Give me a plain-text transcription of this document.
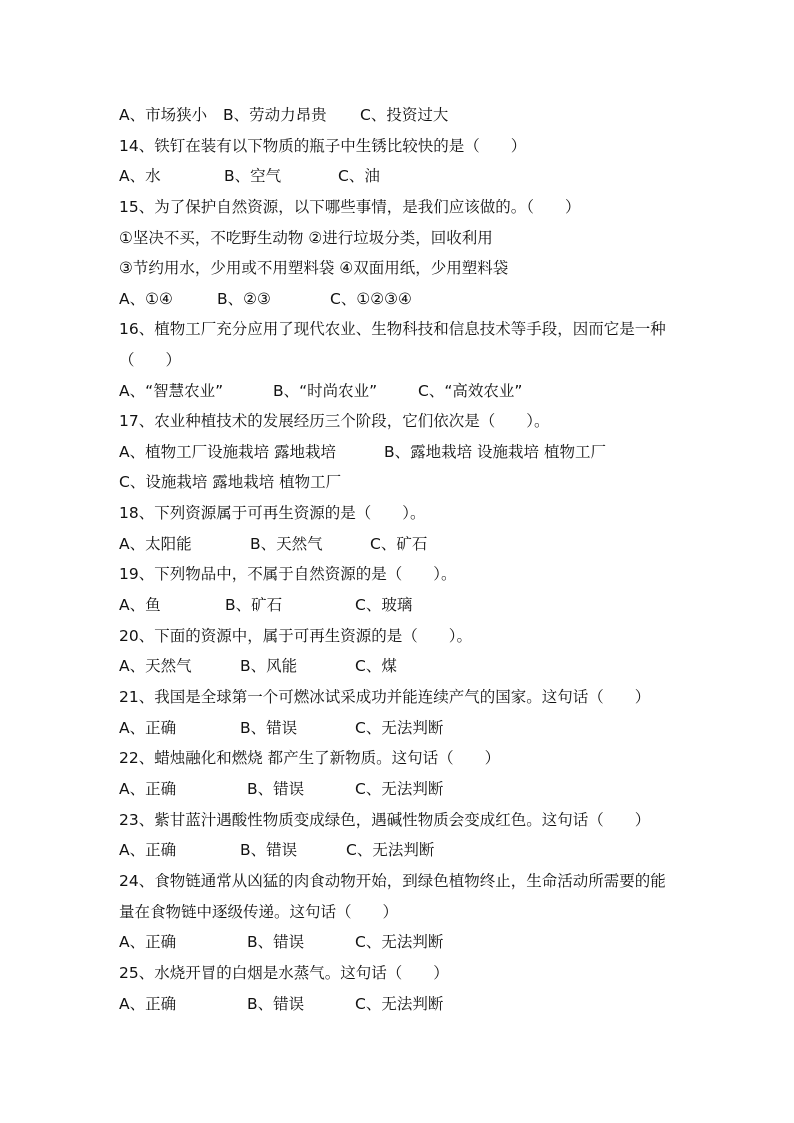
A、市场狭小 B、劳动力昂贵 C、投资过大
14、铁钉在装有以下物质的瓶子中生锈比较快的是（　　）
A、水	B、空气	C、油
15、为了保护自然资源，以下哪些事情，是我们应该做的。（　　）
①坚决不买，不吃野生动物 ②进行垃圾分类，回收利用
③节约用水，少用或不用塑料袋 ④双面用纸，少用塑料袋
A、①④	B、②③	C、①②③④
16、植物工厂充分应用了现代农业、生物科技和信息技术等手段，因而它是一种
（　　）
A、“智慧农业”	B、“时尚农业”	C、“高效农业”
17、农业种植技术的发展经历三个阶段，它们依次是（　　）。
A、植物工厂设施栽培 露地栽培	B、露地栽培 设施栽培 植物工厂
C、设施栽培 露地栽培 植物工厂
18、下列资源属于可再生资源的是（　　）。
A、太阳能	B、天然气	C、矿石
19、下列物品中，不属于自然资源的是（　　）。
A、鱼	B、矿石	C、玻璃
20、下面的资源中，属于可再生资源的是（　　）。
A、天然气	B、风能	C、煤
21、我国是全球第一个可燃冰试采成功并能连续产气的国家。这句话（　　）
A、正确	B、错误	C、无法判断
22、蜡烛融化和燃烧 都产生了新物质。这句话（　　）
A、正确	B、错误	C、无法判断
23、紫甘蓝汁遇酸性物质变成绿色，遇碱性物质会变成红色。这句话（　　）
A、正确	B、错误	C、无法判断
24、食物链通常从凶猛的肉食动物开始，到绿色植物终止，生命活动所需要的能
量在食物链中逐级传递。这句话（　　）
A、正确	B、错误	C、无法判断
25、水烧开冒的白烟是水蒸气。这句话（　　）
A、正确	B、错误	C、无法判断
